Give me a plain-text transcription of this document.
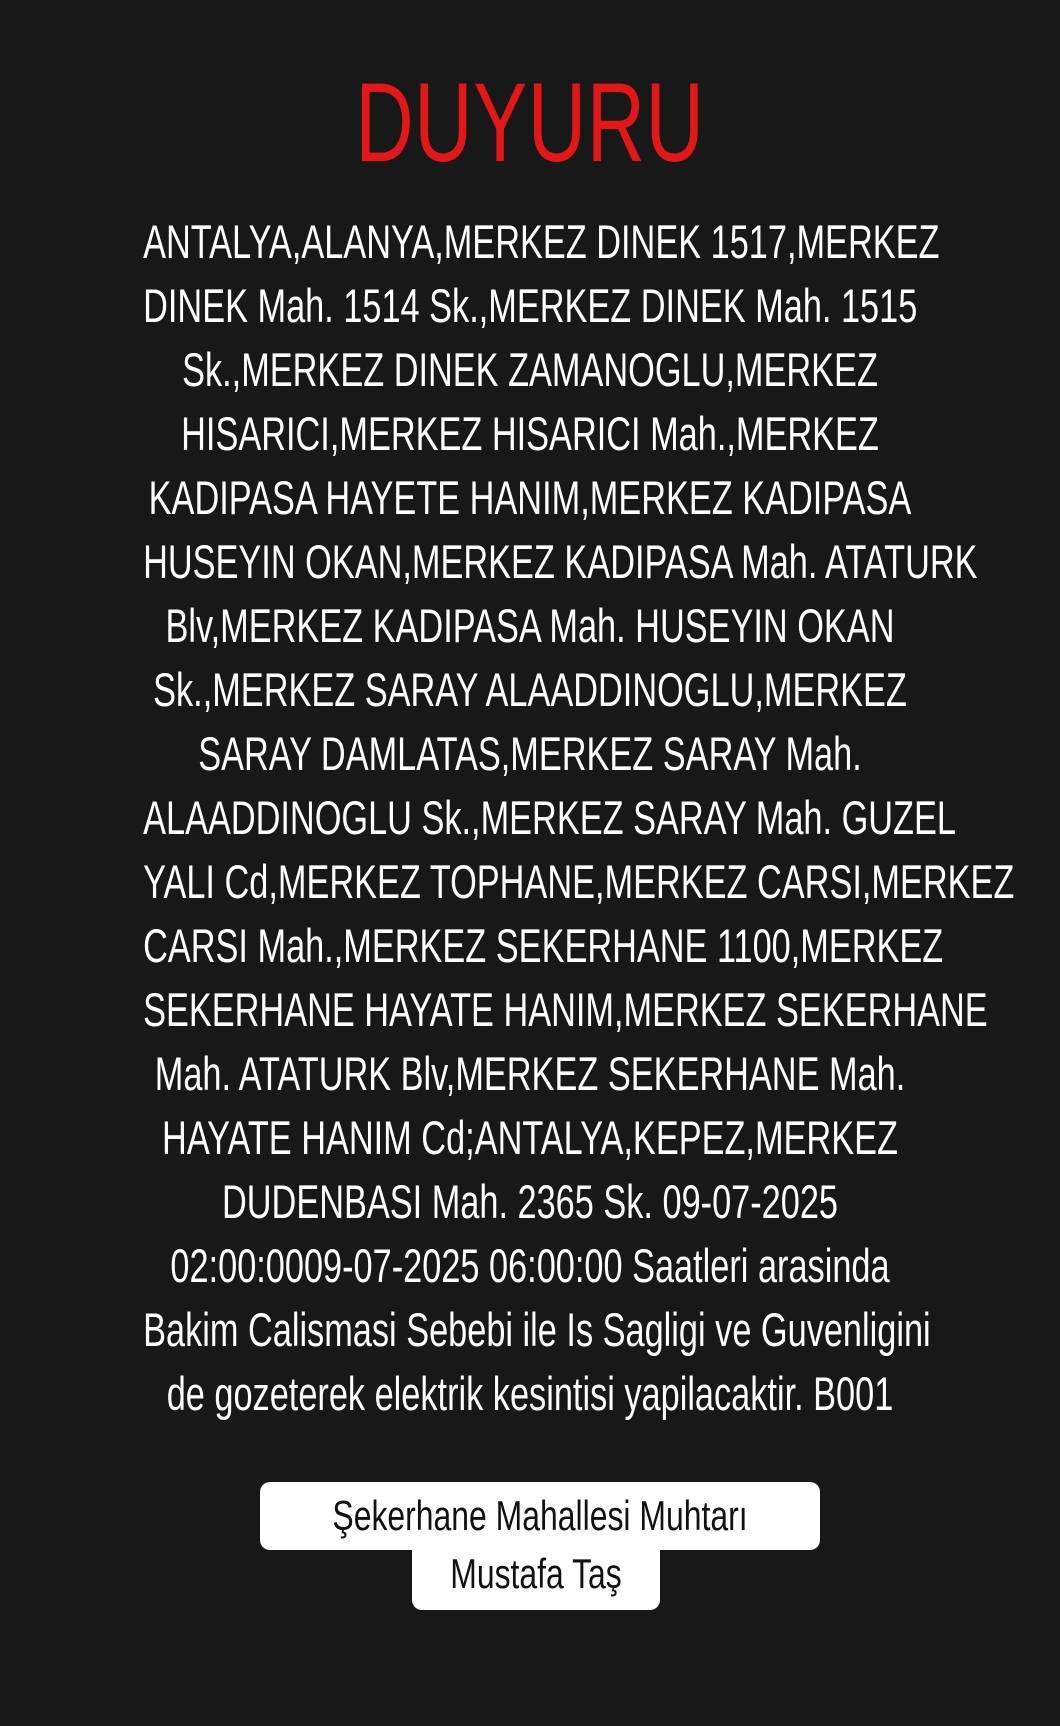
DUYURU
ANTALYA,ALANYA,MERKEZ DINEK 1517,MERKEZ
DINEK Mah. 1514 Sk.,MERKEZ DINEK Mah. 1515
Sk.,MERKEZ DINEK ZAMANOGLU,MERKEZ
HISARICI,MERKEZ HISARICI Mah.,MERKEZ
KADIPASA HAYETE HANIM,MERKEZ KADIPASA
HUSEYIN OKAN,MERKEZ KADIPASA Mah. ATATURK
Blv,MERKEZ KADIPASA Mah. HUSEYIN OKAN
Sk.,MERKEZ SARAY ALAADDINOGLU,MERKEZ
SARAY DAMLATAS,MERKEZ SARAY Mah.
ALAADDINOGLU Sk.,MERKEZ SARAY Mah. GUZEL
YALI Cd,MERKEZ TOPHANE,MERKEZ CARSI,MERKEZ
CARSI Mah.,MERKEZ SEKERHANE 1100,MERKEZ
SEKERHANE HAYATE HANIM,MERKEZ SEKERHANE
Mah. ATATURK Blv,MERKEZ SEKERHANE Mah.
HAYATE HANIM Cd;ANTALYA,KEPEZ,MERKEZ
DUDENBASI Mah. 2365 Sk. 09-07-2025
02:00:0009-07-2025 06:00:00 Saatleri arasinda
Bakim Calismasi Sebebi ile Is Sagligi ve Guvenligini
de gozeterek elektrik kesintisi yapilacaktir. B001
Şekerhane Mahallesi Muhtarı
Mustafa Taş
